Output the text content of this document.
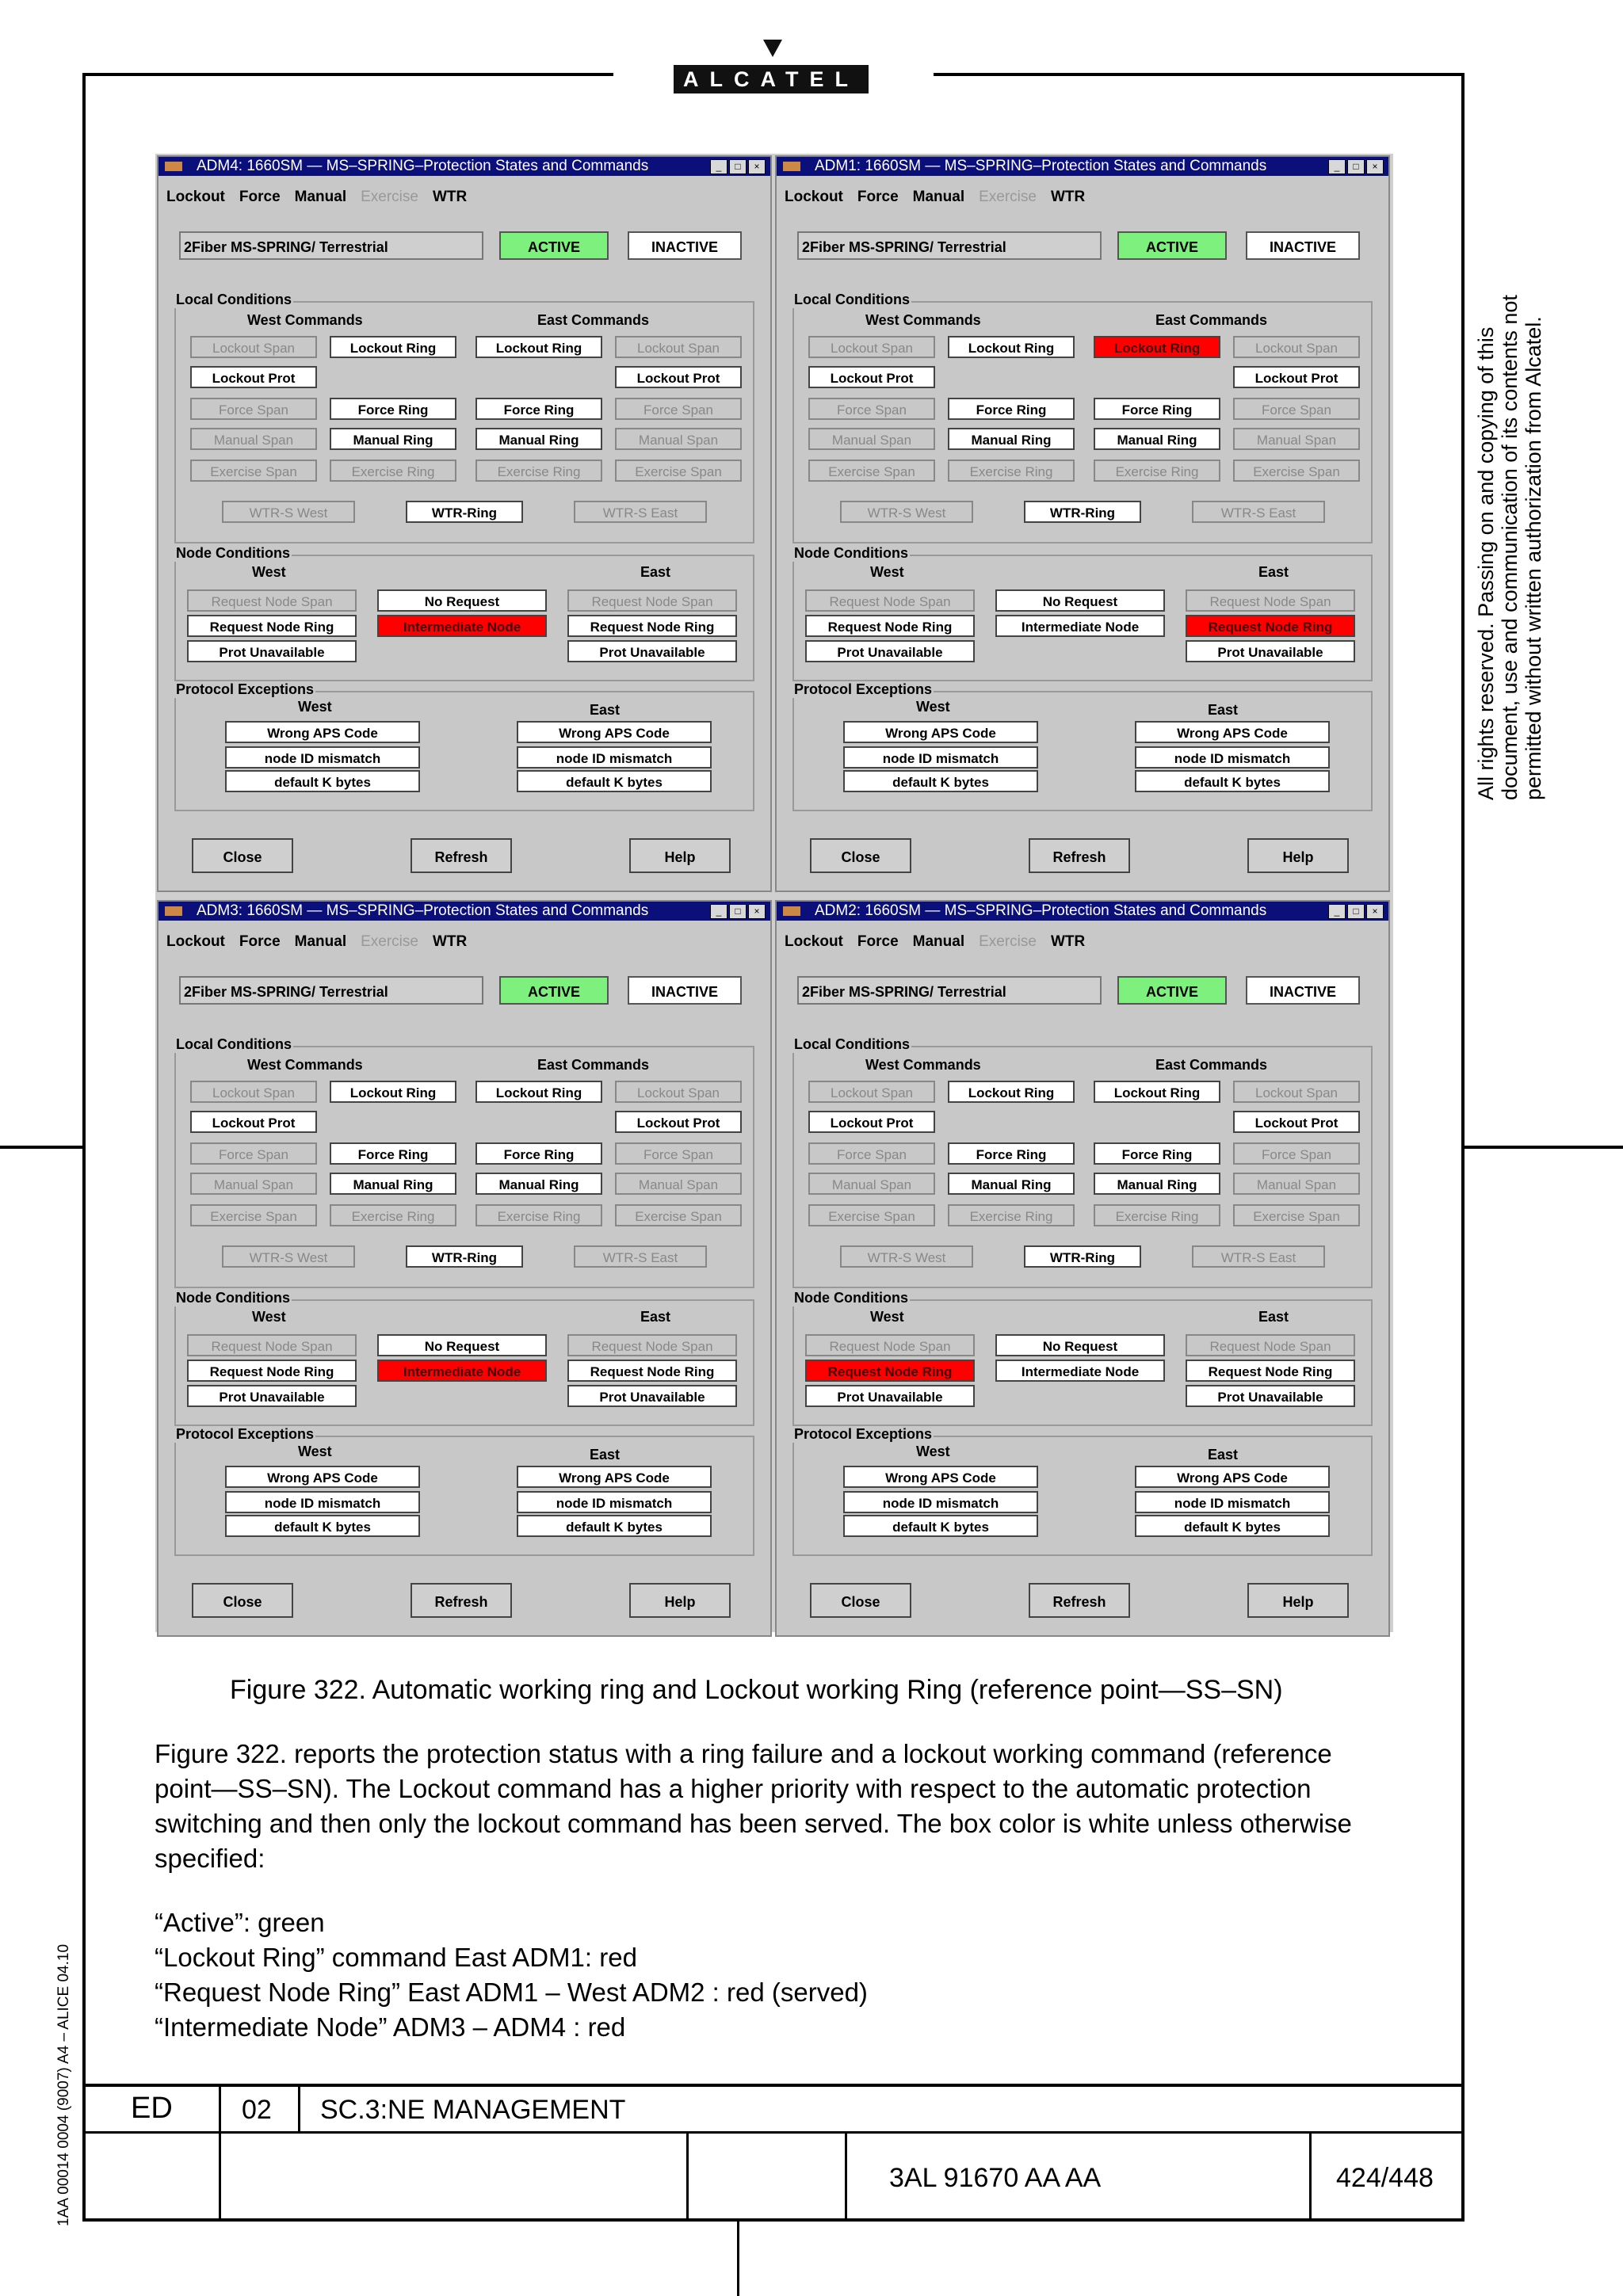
ALCATEL
All rights reserved. Passing on and copying of this document, use and communication of its contents not permitted without written authorization from Alcatel.
1AA 00014 0004 (9007) A4 – ALICE 04.10
ADM4: 1660SM — MS–SPRING–Protection States and Commands	_	□	×
Lockout Force Manual Exercise WTR
2Fiber MS-SPRING/ Terrestrial	ACTIVE	INACTIVE
Local Conditions
West Commands	East Commands
Lockout Span	Lockout Ring	Lockout Ring	Lockout Span
Lockout Prot	Lockout Prot
Force Span	Force Ring	Force Ring	Force Span
Manual Span	Manual Ring	Manual Ring	Manual Span
Exercise Span	Exercise Ring	Exercise Ring	Exercise Span
WTR-S West	WTR-Ring	WTR-S East
Node Conditions
West	East
Request Node Span	No Request	Request Node Span
Request Node Ring	Intermediate Node	Request Node Ring
Prot Unavailable	Prot Unavailable
Protocol Exceptions
West	East
Wrong APS Code	Wrong APS Code
node ID mismatch	node ID mismatch
default K bytes	default K bytes
Close	Refresh	Help
ADM1: 1660SM — MS–SPRING–Protection States and Commands	_	□	×
Lockout Force Manual Exercise WTR
2Fiber MS-SPRING/ Terrestrial	ACTIVE	INACTIVE
Local Conditions
West Commands	East Commands
Lockout Span	Lockout Ring	Lockout Ring	Lockout Span
Lockout Prot	Lockout Prot
Force Span	Force Ring	Force Ring	Force Span
Manual Span	Manual Ring	Manual Ring	Manual Span
Exercise Span	Exercise Ring	Exercise Ring	Exercise Span
WTR-S West	WTR-Ring	WTR-S East
Node Conditions
West	East
Request Node Span	No Request	Request Node Span
Request Node Ring	Intermediate Node	Request Node Ring
Prot Unavailable	Prot Unavailable
Protocol Exceptions
West	East
Wrong APS Code	Wrong APS Code
node ID mismatch	node ID mismatch
default K bytes	default K bytes
Close	Refresh	Help
ADM3: 1660SM — MS–SPRING–Protection States and Commands	_	□	×
Lockout Force Manual Exercise WTR
2Fiber MS-SPRING/ Terrestrial	ACTIVE	INACTIVE
Local Conditions
West Commands	East Commands
Lockout Span	Lockout Ring	Lockout Ring	Lockout Span
Lockout Prot	Lockout Prot
Force Span	Force Ring	Force Ring	Force Span
Manual Span	Manual Ring	Manual Ring	Manual Span
Exercise Span	Exercise Ring	Exercise Ring	Exercise Span
WTR-S West	WTR-Ring	WTR-S East
Node Conditions
West	East
Request Node Span	No Request	Request Node Span
Request Node Ring	Intermediate Node	Request Node Ring
Prot Unavailable	Prot Unavailable
Protocol Exceptions
West	East
Wrong APS Code	Wrong APS Code
node ID mismatch	node ID mismatch
default K bytes	default K bytes
Close	Refresh	Help
ADM2: 1660SM — MS–SPRING–Protection States and Commands	_	□	×
Lockout Force Manual Exercise WTR
2Fiber MS-SPRING/ Terrestrial	ACTIVE	INACTIVE
Local Conditions
West Commands	East Commands
Lockout Span	Lockout Ring	Lockout Ring	Lockout Span
Lockout Prot	Lockout Prot
Force Span	Force Ring	Force Ring	Force Span
Manual Span	Manual Ring	Manual Ring	Manual Span
Exercise Span	Exercise Ring	Exercise Ring	Exercise Span
WTR-S West	WTR-Ring	WTR-S East
Node Conditions
West	East
Request Node Span	No Request	Request Node Span
Request Node Ring	Intermediate Node	Request Node Ring
Prot Unavailable	Prot Unavailable
Protocol Exceptions
West	East
Wrong APS Code	Wrong APS Code
node ID mismatch	node ID mismatch
default K bytes	default K bytes
Close	Refresh	Help
Figure 322. Automatic working ring and Lockout working Ring (reference point—SS–SN)
Figure 322. reports the protection status with a ring failure and a lockout working command (reference point—SS–SN). The Lockout command has a higher priority with respect to the automatic protection switching and then only the lockout command has been served. The box color is white unless otherwise specified:
“Active”: green
“Lockout Ring” command East ADM1: red
“Request Node Ring” East ADM1 – West ADM2 : red (served)
“Intermediate Node” ADM3 – ADM4 : red
ED	02 SC.3:NE MANAGEMENT
3AL 91670 AA AA	424/448
